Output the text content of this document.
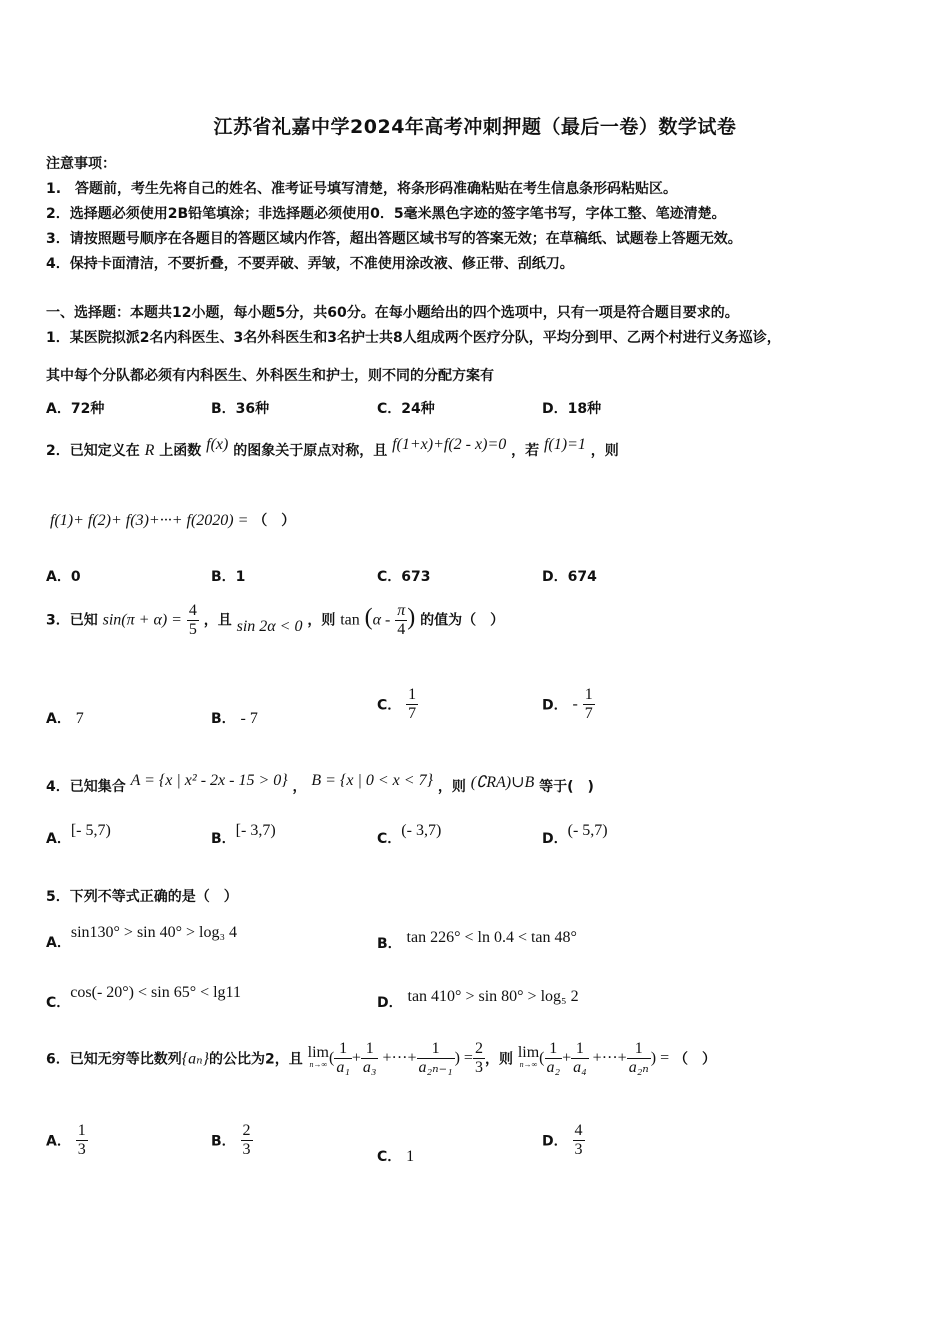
江苏省礼嘉中学2024年高考冲刺押题（最后一卷）数学试卷
注意事项：
1.　答题前，考生先将自己的姓名、准考证号填写清楚，将条形码准确粘贴在考生信息条形码粘贴区。
2．选择题必须使用2B铅笔填涂；非选择题必须使用0．5毫米黑色字迹的签字笔书写，字体工整、笔迹清楚。
3．请按照题号顺序在各题目的答题区域内作答，超出答题区域书写的答案无效；在草稿纸、试题卷上答题无效。
4．保持卡面清洁，不要折叠，不要弄破、弄皱，不准使用涂改液、修正带、刮纸刀。
一、选择题：本题共12小题，每小题5分，共60分。在每小题给出的四个选项中，只有一项是符合题目要求的。
1．某医院拟派2名内科医生、3名外科医生和3名护士共8人组成两个医疗分队，平均分到甲、乙两个村进行义务巡诊，
其中每个分队都必须有内科医生、外科医生和护士，则不同的分配方案有
A．72种	B．36种	C．24种	D．18种
2．已知定义在 R 上函数 f(x) 的图象关于原点对称，且 f(1+x)+f(2 - x)=0 ，若 f(1)=1 ，则
f(1)+ f(2)+ f(3)+···+ f(2020) = （　）
A．0	B．1	C．673	D．674
3．已知 $\sin(\pi + \alpha) = \frac{4}{5}$ ，且 sin 2α < 0 ，则 $\tan (\alpha - \frac{\pi}{4}$ ) 的值为（　）
A． 7	B． - 7
C． $\frac{1}{7}$	D． - $\frac{1}{7}$
4．已知集合 A = {x | x² - 2x - 15 > 0} ， B = {x | 0 < x < 7} ，则 (∁RA)∪B 等于(　)
A．[- 5,7)	B．[- 3,7)	C．(- 3,7)	D．(- 5,7)
5．下列不等式正确的是（　）
A．sin130° > sin 40° > log₃ 4
B． tan 226° < ln 0.4 < tan 48°
C．cos(- 20°) < sin 65° < lg11
D． tan 410° > sin 80° > log₅ 2
6．已知无穷等比数列{aₙ}的公比为2，且 lim
n→∞ ( $\frac{1}{\text{a₁}} + \frac{1}{\text{a₃}}$ +···+ $\frac{1}{\text{a₂ₙ₋₁}}$ ) = $\frac{2}{3}$ ，则 lim
n→∞ ( $\frac{1}{\text{a₂}} + \frac{1}{\text{a₄}}$ +···+ $\frac{1}{\text{a₂ₙ}}$ ) = （　）
A． $\frac{1}{3}$	B． $\frac{2}{3}$	C． 1
D． $\frac{4}{3}$
